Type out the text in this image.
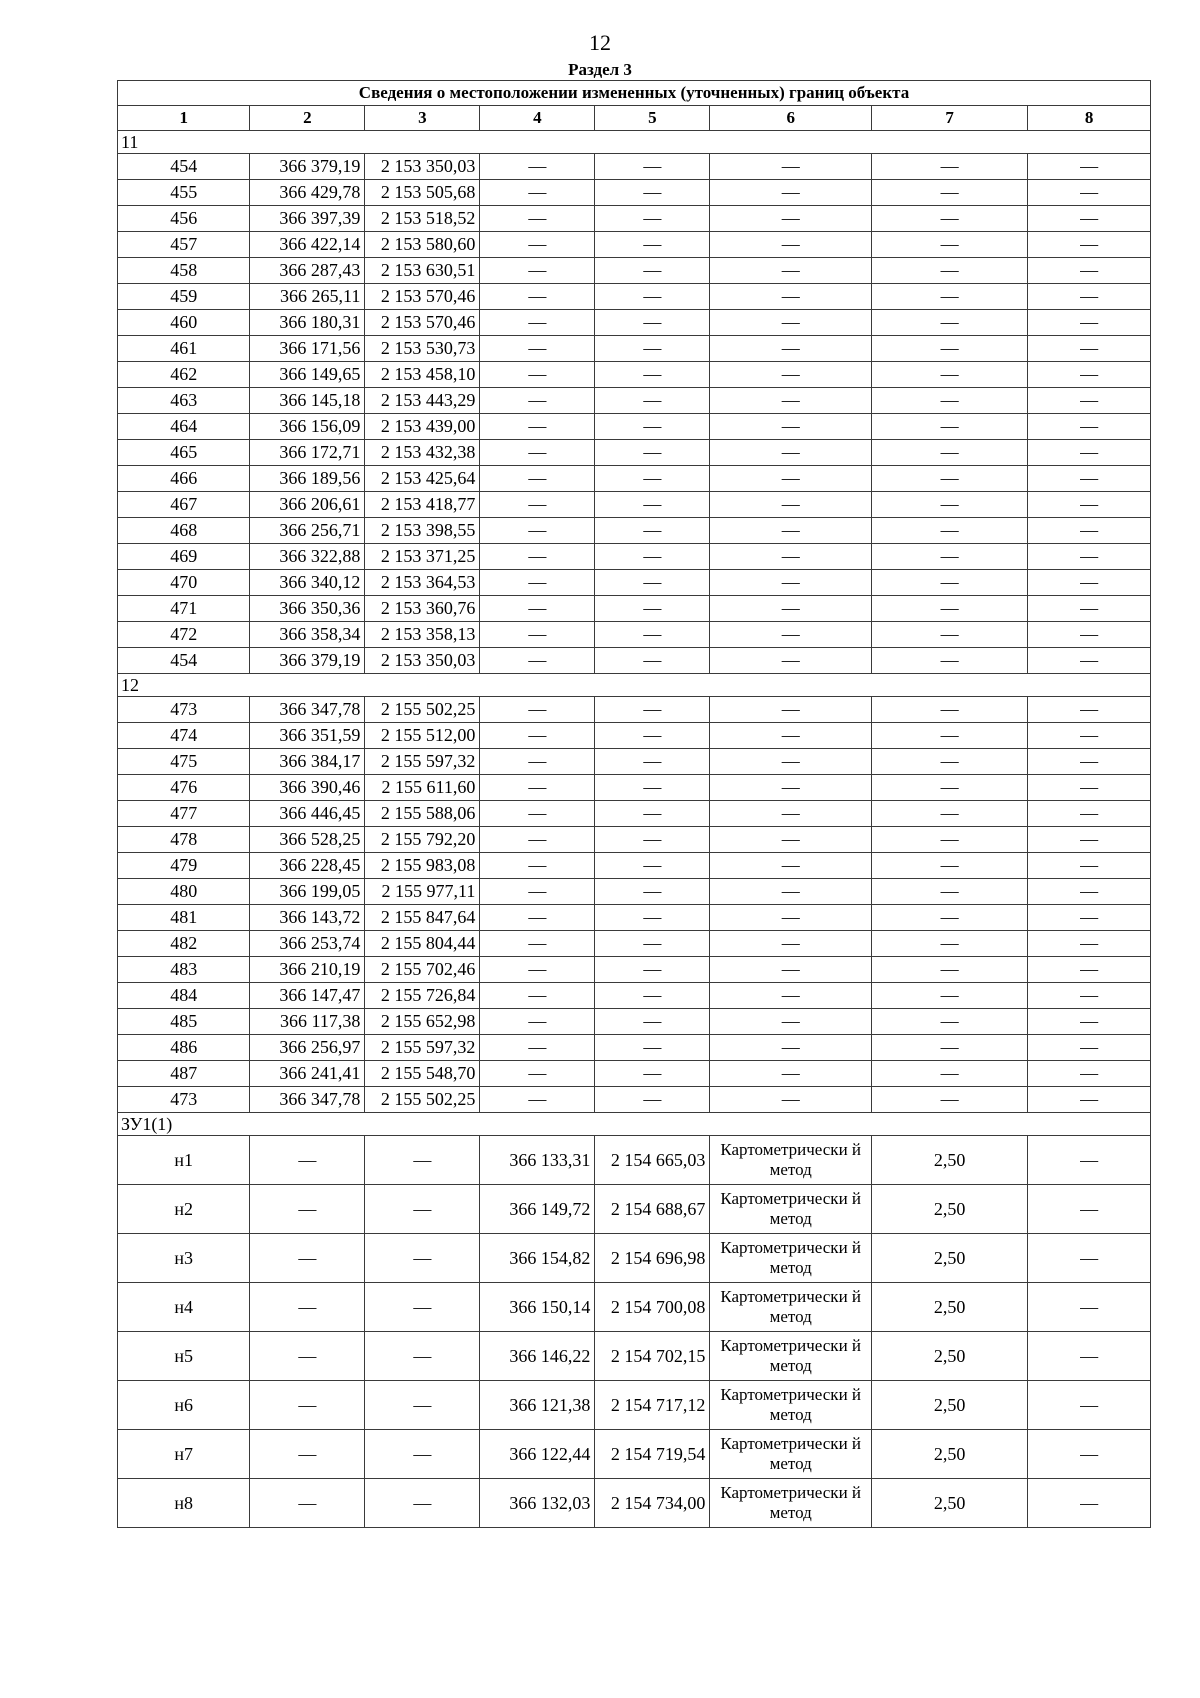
12
Раздел 3
Сведения о местоположении измененных (уточненных) границ объекта							
1	2	3	4	5	6	7	8
11							
454	366 379,19	2 153 350,03	—	—	—	—	—
455	366 429,78	2 153 505,68	—	—	—	—	—
456	366 397,39	2 153 518,52	—	—	—	—	—
457	366 422,14	2 153 580,60	—	—	—	—	—
458	366 287,43	2 153 630,51	—	—	—	—	—
459	366 265,11	2 153 570,46	—	—	—	—	—
460	366 180,31	2 153 570,46	—	—	—	—	—
461	366 171,56	2 153 530,73	—	—	—	—	—
462	366 149,65	2 153 458,10	—	—	—	—	—
463	366 145,18	2 153 443,29	—	—	—	—	—
464	366 156,09	2 153 439,00	—	—	—	—	—
465	366 172,71	2 153 432,38	—	—	—	—	—
466	366 189,56	2 153 425,64	—	—	—	—	—
467	366 206,61	2 153 418,77	—	—	—	—	—
468	366 256,71	2 153 398,55	—	—	—	—	—
469	366 322,88	2 153 371,25	—	—	—	—	—
470	366 340,12	2 153 364,53	—	—	—	—	—
471	366 350,36	2 153 360,76	—	—	—	—	—
472	366 358,34	2 153 358,13	—	—	—	—	—
454	366 379,19	2 153 350,03	—	—	—	—	—
12							
473	366 347,78	2 155 502,25	—	—	—	—	—
474	366 351,59	2 155 512,00	—	—	—	—	—
475	366 384,17	2 155 597,32	—	—	—	—	—
476	366 390,46	2 155 611,60	—	—	—	—	—
477	366 446,45	2 155 588,06	—	—	—	—	—
478	366 528,25	2 155 792,20	—	—	—	—	—
479	366 228,45	2 155 983,08	—	—	—	—	—
480	366 199,05	2 155 977,11	—	—	—	—	—
481	366 143,72	2 155 847,64	—	—	—	—	—
482	366 253,74	2 155 804,44	—	—	—	—	—
483	366 210,19	2 155 702,46	—	—	—	—	—
484	366 147,47	2 155 726,84	—	—	—	—	—
485	366 117,38	2 155 652,98	—	—	—	—	—
486	366 256,97	2 155 597,32	—	—	—	—	—
487	366 241,41	2 155 548,70	—	—	—	—	—
473	366 347,78	2 155 502,25	—	—	—	—	—
ЗУ1(1)							
н1	—	—	366 133,31	2 154 665,03	Картометрически й метод	2,50	—
н2	—	—	366 149,72	2 154 688,67	Картометрически й метод	2,50	—
н3	—	—	366 154,82	2 154 696,98	Картометрически й метод	2,50	—
н4	—	—	366 150,14	2 154 700,08	Картометрически й метод	2,50	—
н5	—	—	366 146,22	2 154 702,15	Картометрически й метод	2,50	—
н6	—	—	366 121,38	2 154 717,12	Картометрически й метод	2,50	—
н7	—	—	366 122,44	2 154 719,54	Картометрически й метод	2,50	—
н8	—	—	366 132,03	2 154 734,00	Картометрически й метод	2,50	—
